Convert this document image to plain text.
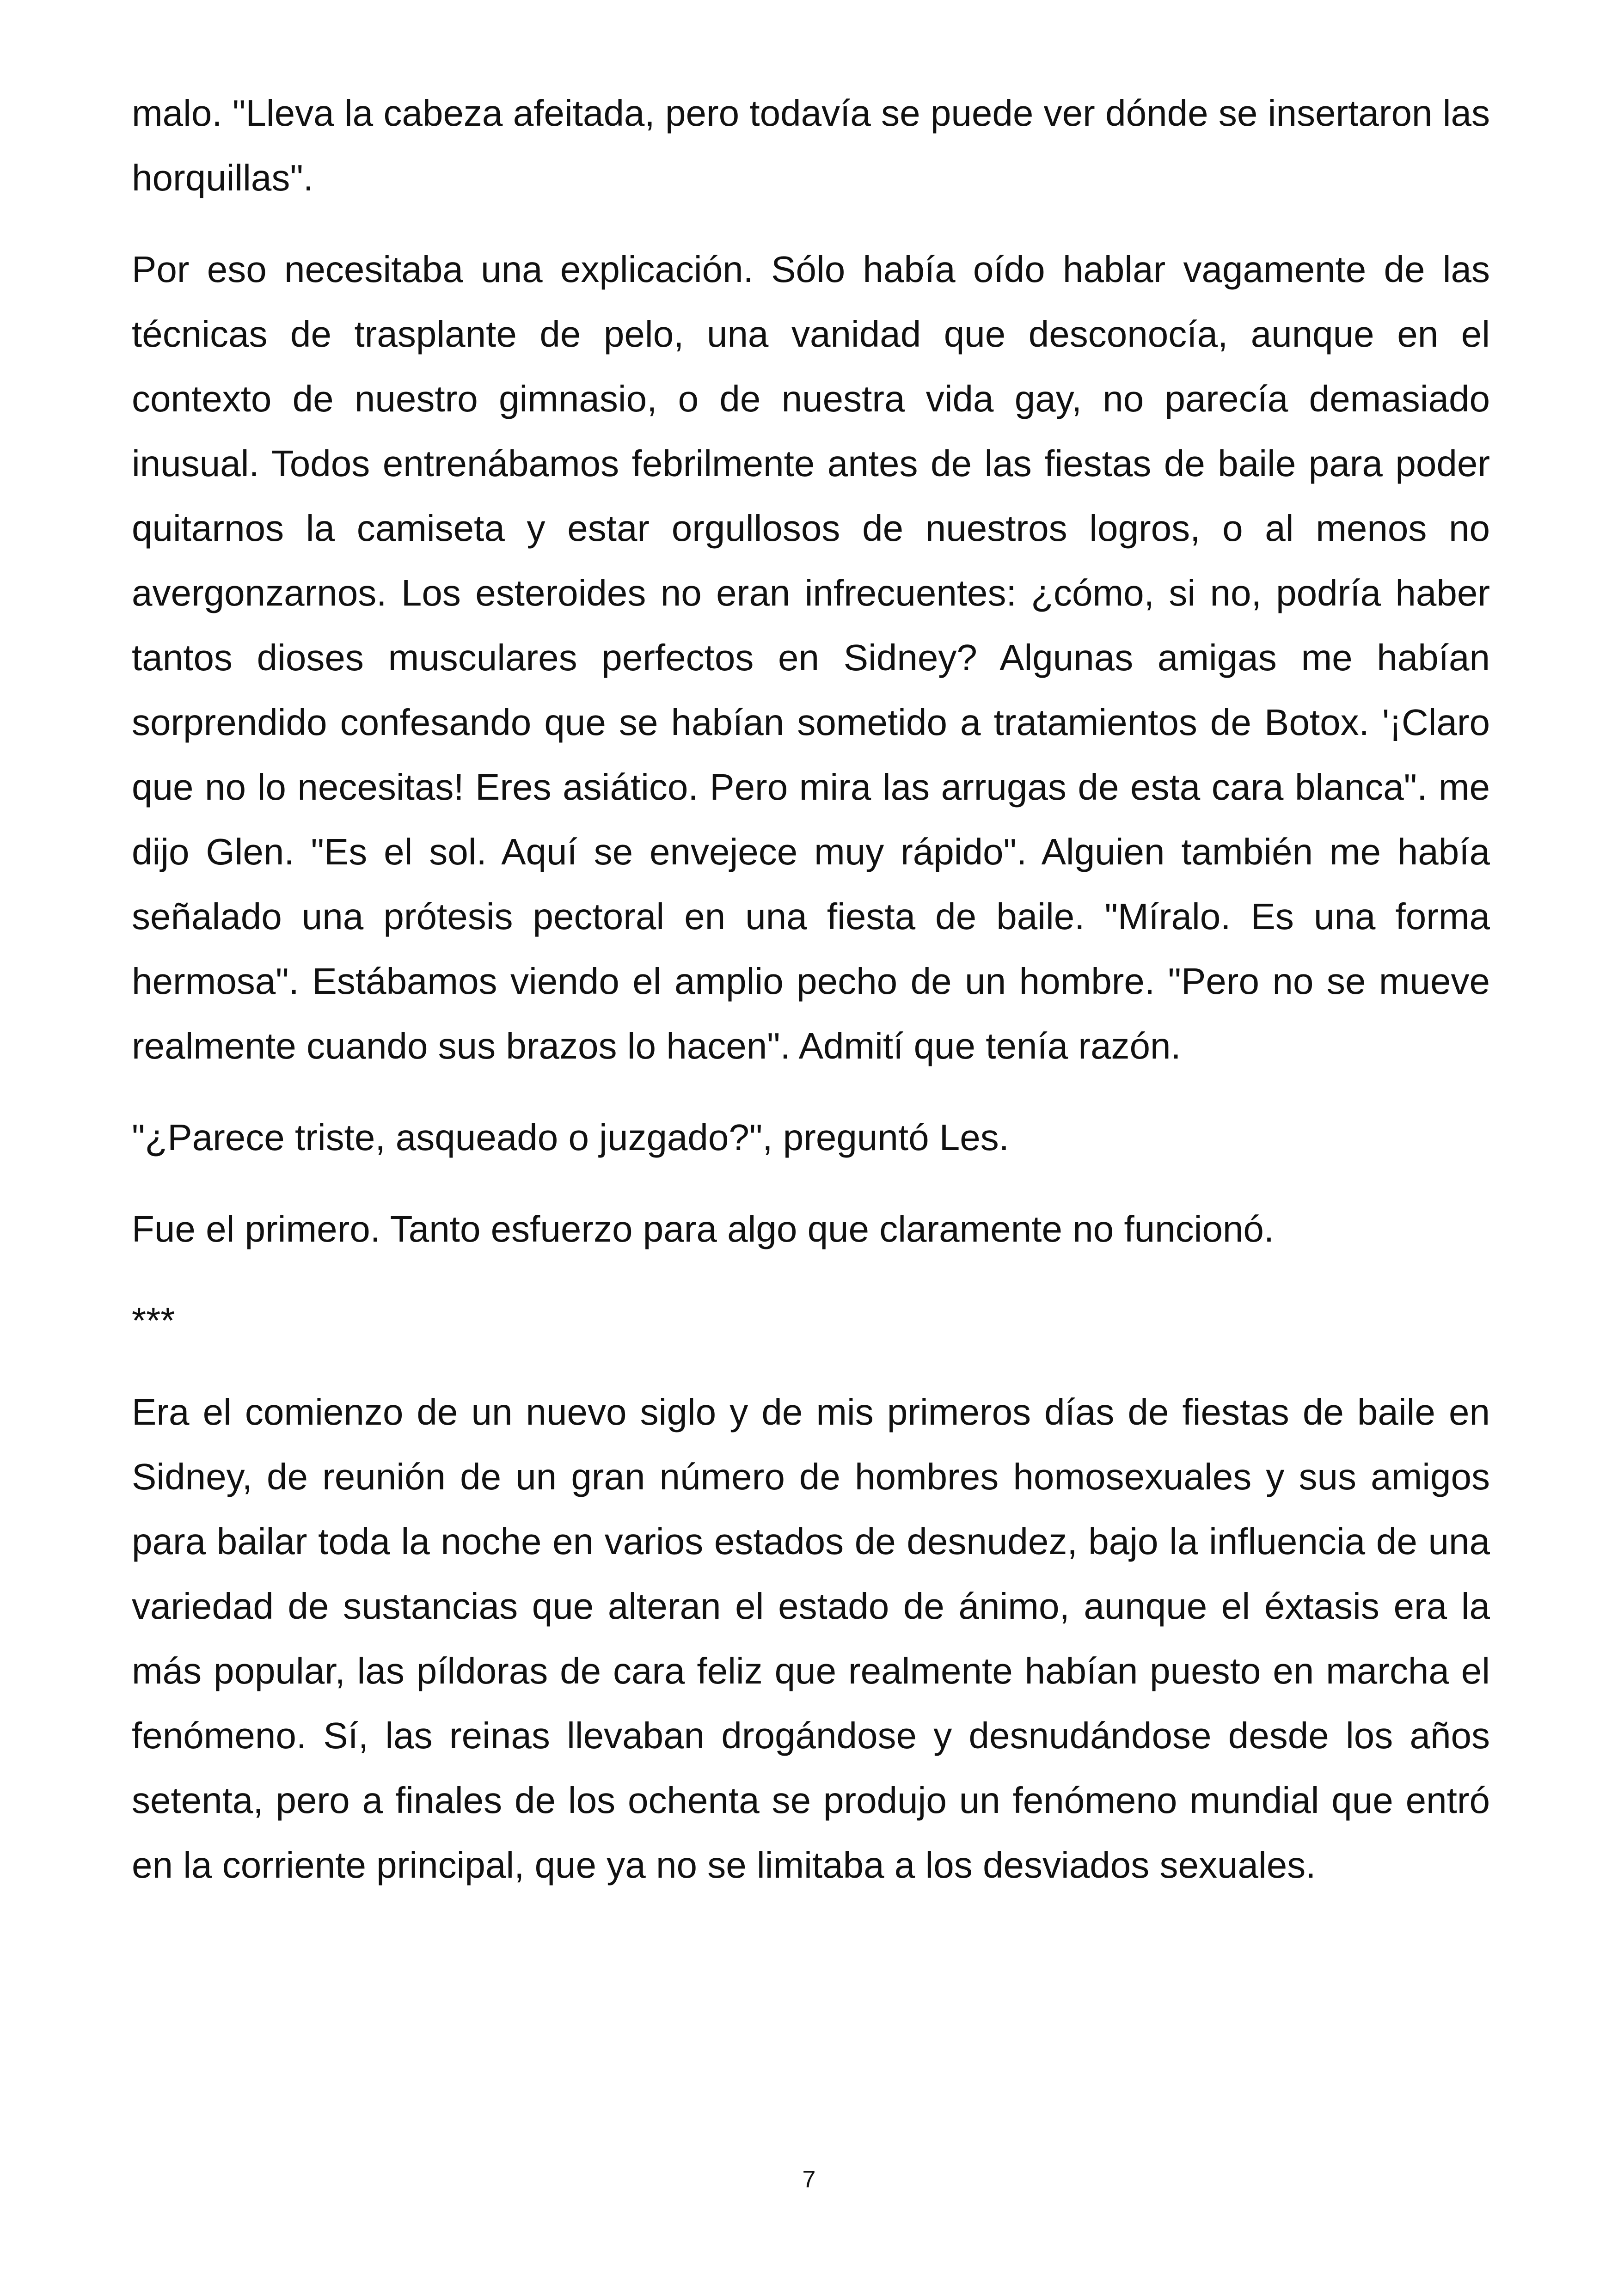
malo. "Lleva la cabeza afeitada, pero todavía se puede ver dónde se insertaron las horquillas".

Por eso necesitaba una explicación. Sólo había oído hablar vagamente de las técnicas de trasplante de pelo, una vanidad que desconocía, aunque en el contexto de nuestro gimnasio, o de nuestra vida gay, no parecía demasiado inusual. Todos entrenábamos febrilmente antes de las fiestas de baile para poder quitarnos la camiseta y estar orgullosos de nuestros logros, o al menos no avergonzarnos. Los esteroides no eran infrecuentes: ¿cómo, si no, podría haber tantos dioses musculares perfectos en Sidney? Algunas amigas me habían sorprendido confesando que se habían sometido a tratamientos de Botox. '¡Claro que no lo necesitas! Eres asiático. Pero mira las arrugas de esta cara blanca". me dijo Glen. "Es el sol. Aquí se envejece muy rápido". Alguien también me había señalado una prótesis pectoral en una fiesta de baile. "Míralo. Es una forma hermosa". Estábamos viendo el amplio pecho de un hombre. "Pero no se mueve realmente cuando sus brazos lo hacen". Admití que tenía razón.

"¿Parece triste, asqueado o juzgado?", preguntó Les.

Fue el primero. Tanto esfuerzo para algo que claramente no funcionó.

***

Era el comienzo de un nuevo siglo y de mis primeros días de fiestas de baile en Sidney, de reunión de un gran número de hombres homosexuales y sus amigos para bailar toda la noche en varios estados de desnudez, bajo la influencia de una variedad de sustancias que alteran el estado de ánimo, aunque el éxtasis era la más popular, las píldoras de cara feliz que realmente habían puesto en marcha el fenómeno. Sí, las reinas llevaban drogándose y desnudándose desde los años setenta, pero a finales de los ochenta se produjo un fenómeno mundial que entró en la corriente principal, que ya no se limitaba a los desviados sexuales.

7
